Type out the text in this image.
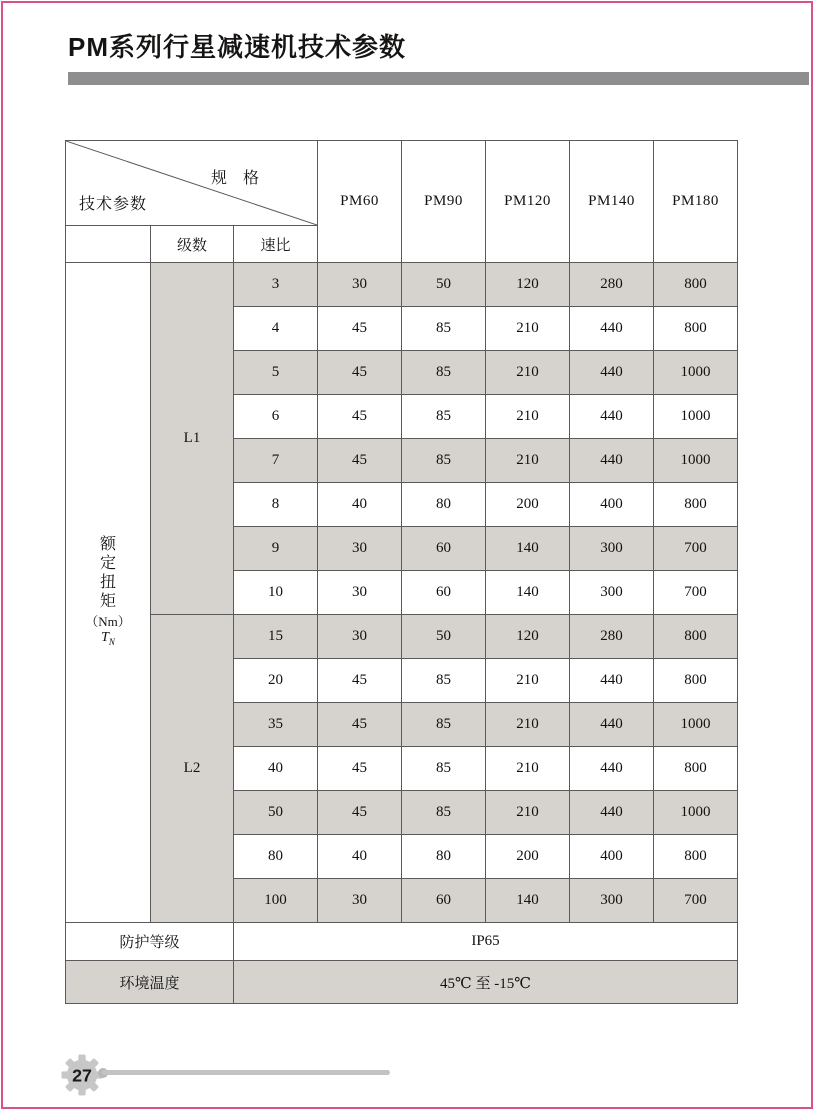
PM系列行星减速机技术参数
规 格
技术参数			PM60	PM90	PM120	PM140	PM180
	级数	速比					

额
定
扭
矩
（Nm）
$T_N$
	L1	3	30	50	120	280	800
		4	45	85	210	440	800
		5	45	85	210	440	1000
		6	45	85	210	440	1000
		7	45	85	210	440	1000
		8	40	80	200	400	800
		9	30	60	140	300	700
		10	30	60	140	300	700
	L2	15	30	50	120	280	800
		20	45	85	210	440	800
		35	45	85	210	440	1000
		40	45	85	210	440	800
		50	45	85	210	440	1000
		80	40	80	200	400	800
		100	30	60	140	300	700
防护等级		IP65					
环境温度		45℃ 至 -15℃					
27
